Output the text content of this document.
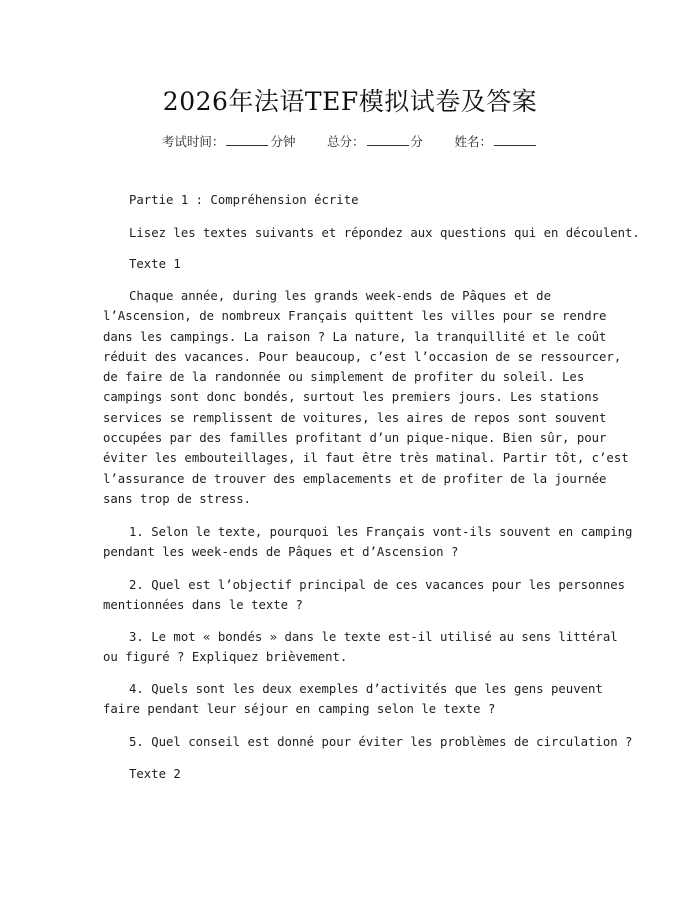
2026年法语TEF模拟试卷及答案
考试时间：	分钟	总分：	分	姓名：

Partie 1 : Compréhension écrite

Lisez les textes suivants et répondez aux questions qui en découlent.

Texte 1

Chaque année, during les grands week-ends de Pâques et de
l’Ascension, de nombreux Français quittent les villes pour se rendre
dans les campings. La raison ? La nature, la tranquillité et le coût
réduit des vacances. Pour beaucoup, c’est l’occasion de se ressourcer,
de faire de la randonnée ou simplement de profiter du soleil. Les
campings sont donc bondés, surtout les premiers jours. Les stations
services se remplissent de voitures, les aires de repos sont souvent
occupées par des familles profitant d’un pique-nique. Bien sûr, pour
éviter les embouteillages, il faut être très matinal. Partir tôt, c’est
l’assurance de trouver des emplacements et de profiter de la journée
sans trop de stress.
1. Selon le texte, pourquoi les Français vont-ils souvent en camping
pendant les week-ends de Pâques et d’Ascension ?
2. Quel est l’objectif principal de ces vacances pour les personnes
mentionnées dans le texte ?
3. Le mot « bondés » dans le texte est-il utilisé au sens littéral
ou figuré ? Expliquez brièvement.
4. Quels sont les deux exemples d’activités que les gens peuvent
faire pendant leur séjour en camping selon le texte ?
5. Quel conseil est donné pour éviter les problèmes de circulation ?

Texte 2
